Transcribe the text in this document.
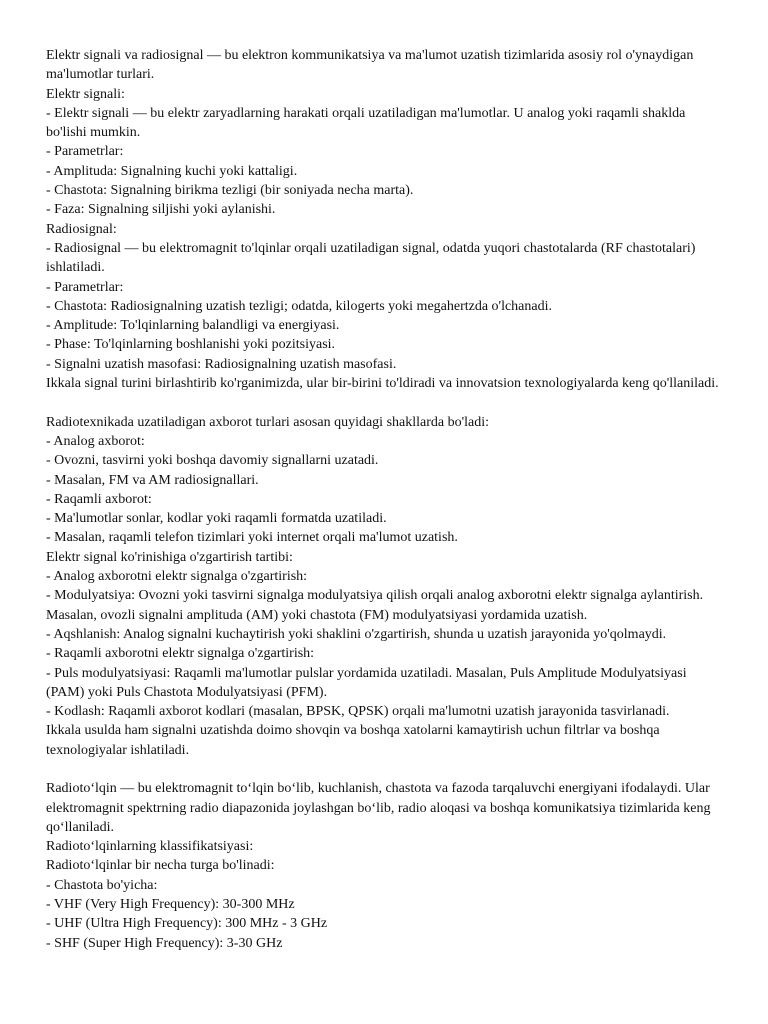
Elektr signali va radiosignal — bu elektron kommunikatsiya va ma'lumot uzatish tizimlarida asosiy rol o'ynaydigan ma'lumotlar turlari.
Elektr signali:
- Elektr signali — bu elektr zaryadlarning harakati orqali uzatiladigan ma'lumotlar. U analog yoki raqamli shaklda bo'lishi mumkin.
- Parametrlar:
- Amplituda: Signalning kuchi yoki kattaligi.
- Chastota: Signalning birikma tezligi (bir soniyada necha marta).
- Faza: Signalning siljishi yoki aylanishi.
Radiosignal:
- Radiosignal — bu elektromagnit to'lqinlar orqali uzatiladigan signal, odatda yuqori chastotalarda (RF chastotalari) ishlatiladi.
- Parametrlar:
- Chastota: Radiosignalning uzatish tezligi; odatda, kilogerts yoki megahertzda o'lchanadi.
- Amplitude: To'lqinlarning balandligi va energiyasi.
- Phase: To'lqinlarning boshlanishi yoki pozitsiyasi.
- Signalni uzatish masofasi: Radiosignalning uzatish masofasi.
Ikkala signal turini birlashtirib ko'rganimizda, ular bir-birini to'ldiradi va innovatsion texnologiyalarda keng qo'llaniladi.
Radiotexnikada uzatiladigan axborot turlari asosan quyidagi shakllarda bo'ladi:
- Analog axborot:
- Ovozni, tasvirni yoki boshqa davomiy signallarni uzatadi.
- Masalan, FM va AM radiosignallari.
- Raqamli axborot:
- Ma'lumotlar sonlar, kodlar yoki raqamli formatda uzatiladi.
- Masalan, raqamli telefon tizimlari yoki internet orqali ma'lumot uzatish.
Elektr signal ko'rinishiga o'zgartirish tartibi:
- Analog axborotni elektr signalga o'zgartirish:
- Modulyatsiya: Ovozni yoki tasvirni signalga modulyatsiya qilish orqali analog axborotni elektr signalga aylantirish. Masalan, ovozli signalni amplituda (AM) yoki chastota (FM) modulyatsiyasi yordamida uzatish.
- Aqshlanish: Analog signalni kuchaytirish yoki shaklini o'zgartirish, shunda u uzatish jarayonida yo'qolmaydi.
- Raqamli axborotni elektr signalga o'zgartirish:
- Puls modulyatsiyasi: Raqamli ma'lumotlar pulslar yordamida uzatiladi. Masalan, Puls Amplitude Modulyatsiyasi (PAM) yoki Puls Chastota Modulyatsiyasi (PFM).
- Kodlash: Raqamli axborot kodlari (masalan, BPSK, QPSK) orqali ma'lumotni uzatish jarayonida tasvirlanadi.
Ikkala usulda ham signalni uzatishda doimo shovqin va boshqa xatolarni kamaytirish uchun filtrlar va boshqa texnologiyalar ishlatiladi.
Radioto‘lqin — bu elektromagnit to‘lqin bo‘lib, kuchlanish, chastota va fazoda tarqaluvchi energiyani ifodalaydi. Ular elektromagnit spektrning radio diapazonida joylashgan bo‘lib, radio aloqasi va boshqa komunikatsiya tizimlarida keng qo‘llaniladi.
Radioto‘lqinlarning klassifikatsiyasi:
Radioto‘lqinlar bir necha turga bo'linadi:
- Chastota bo'yicha:
- VHF (Very High Frequency): 30-300 MHz
- UHF (Ultra High Frequency): 300 MHz - 3 GHz
- SHF (Super High Frequency): 3-30 GHz
